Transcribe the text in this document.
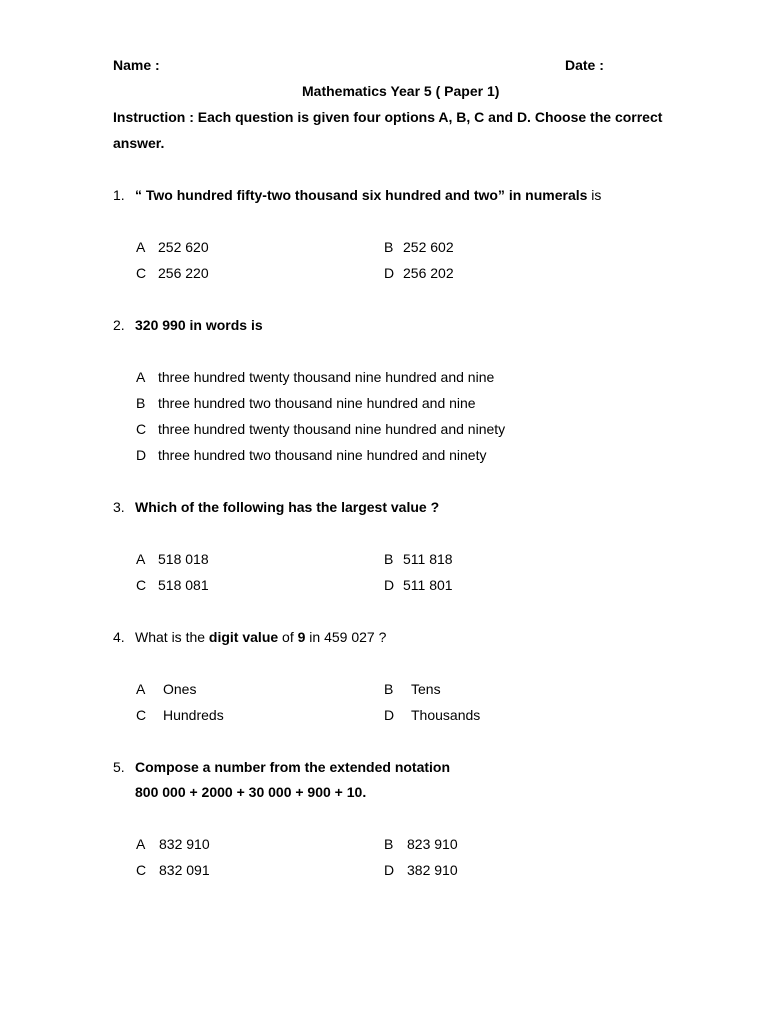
Name :	Date :
Mathematics Year 5 ( Paper 1)
Instruction : Each question is given four options A, B, C and D. Choose the correct
answer.
1. “ Two hundred fifty-two thousand six hundred and two” in numerals is
A 252 620	B 252 602
C 256 220	D 256 202
2. 320 990 in words is
A three hundred twenty thousand nine hundred and nine
B three hundred two thousand nine hundred and nine
C three hundred twenty thousand nine hundred and ninety
D three hundred two thousand nine hundred and ninety
3. Which of the following has the largest value ?
A 518 018	B 511 818
C 518 081	D 511 801
4. What is the digit value of 9 in 459 027 ?
A Ones	B Tens
C Hundreds	D Thousands
5. Compose a number from the extended notation
800 000 + 2000 + 30 000 + 900 + 10.
A 832 910	B 823 910
C 832 091	D 382 910
